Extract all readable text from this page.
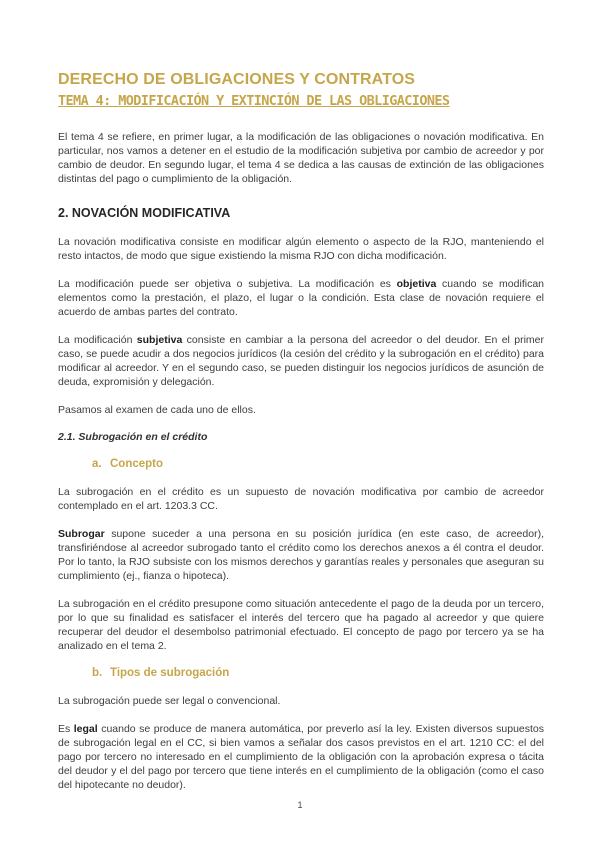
DERECHO DE OBLIGACIONES Y CONTRATOS
TEMA 4: MODIFICACIÓN Y EXTINCIÓN DE LAS OBLIGACIONES

El tema 4 se refiere, en primer lugar, a la modificación de las obligaciones o novación modificativa. En particular, nos vamos a detener en el estudio de la modificación subjetiva por cambio de acreedor y por cambio de deudor. En segundo lugar, el tema 4 se dedica a las causas de extinción de las obligaciones distintas del pago o cumplimiento de la obligación.

2. NOVACIÓN MODIFICATIVA

La novación modificativa consiste en modificar algún elemento o aspecto de la RJO, manteniendo el resto intactos, de modo que sigue existiendo la misma RJO con dicha modificación.

La modificación puede ser objetiva o subjetiva. La modificación es objetiva cuando se modifican elementos como la prestación, el plazo, el lugar o la condición. Esta clase de novación requiere el acuerdo de ambas partes del contrato.

La modificación subjetiva consiste en cambiar a la persona del acreedor o del deudor. En el primer caso, se puede acudir a dos negocios jurídicos (la cesión del crédito y la subrogación en el crédito) para modificar al acreedor. Y en el segundo caso, se pueden distinguir los negocios jurídicos de asunción de deuda, expromisión y delegación.

Pasamos al examen de cada uno de ellos.

2.1. Subrogación en el crédito
a. Concepto

La subrogación en el crédito es un supuesto de novación modificativa por cambio de acreedor contemplado en el art. 1203.3 CC.

Subrogar supone suceder a una persona en su posición jurídica (en este caso, de acreedor), transfiriéndose al acreedor subrogado tanto el crédito como los derechos anexos a él contra el deudor. Por lo tanto, la RJO subsiste con los mismos derechos y garantías reales y personales que aseguran su cumplimiento (ej., fianza o hipoteca).

La subrogación en el crédito presupone como situación antecedente el pago de la deuda por un tercero, por lo que su finalidad es satisfacer el interés del tercero que ha pagado al acreedor y que quiere recuperar del deudor el desembolso patrimonial efectuado. El concepto de pago por tercero ya se ha analizado en el tema 2.

b. Tipos de subrogación

La subrogación puede ser legal o convencional.

Es legal cuando se produce de manera automática, por preverlo así la ley. Existen diversos supuestos de subrogación legal en el CC, si bien vamos a señalar dos casos previstos en el art. 1210 CC: el del pago por tercero no interesado en el cumplimiento de la obligación con la aprobación expresa o tácita del deudor y el del pago por tercero que tiene interés en el cumplimiento de la obligación (como el caso del hipotecante no deudor).

1
